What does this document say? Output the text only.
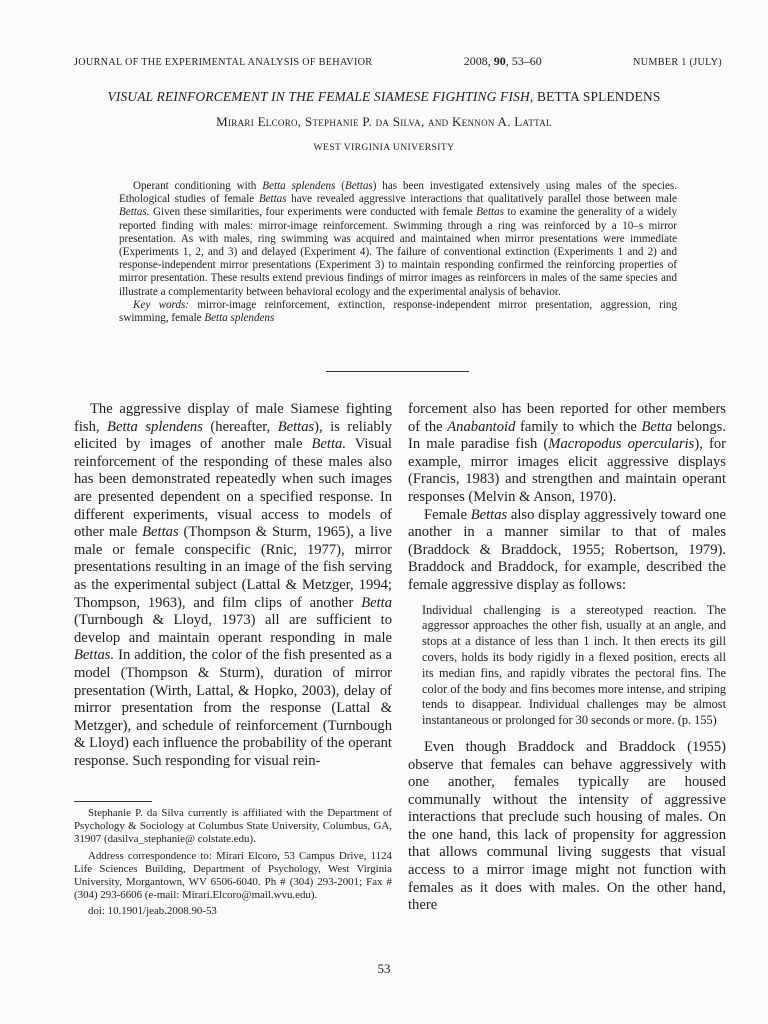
JOURNAL OF THE EXPERIMENTAL ANALYSIS OF BEHAVIOR	2008, 90, 53–60	NUMBER 1 (JULY)
VISUAL REINFORCEMENT IN THE FEMALE SIAMESE FIGHTING FISH, BETTA SPLENDENS
Mirari Elcoro, Stephanie P. da Silva, and Kennon A. Lattal
WEST VIRGINIA UNIVERSITY

Operant conditioning with Betta splendens (Bettas) has been investigated extensively using males of the species. Ethological studies of female Bettas have revealed aggressive interactions that qualitatively parallel those between male Bettas. Given these similarities, four experiments were conducted with female Bettas to examine the generality of a widely reported finding with males: mirror-image reinforcement. Swimming through a ring was reinforced by a 10–s mirror presentation. As with males, ring swimming was acquired and maintained when mirror presentations were immediate (Experiments 1, 2, and 3) and delayed (Experiment 4). The failure of conventional extinction (Experiments 1 and 2) and response-independent mirror presentations (Experiment 3) to maintain responding confirmed the reinforcing properties of mirror presentation. These results extend previous findings of mirror images as reinforcers in males of the same species and illustrate a complementarity between behavioral ecology and the experimental analysis of behavior.

Key words: mirror-image reinforcement, extinction, response-independent mirror presentation, aggression, ring swimming, female Betta splendens

The aggressive display of male Siamese fighting fish, Betta splendens (hereafter, Bettas), is reliably elicited by images of another male Betta. Visual reinforcement of the responding of these males also has been demonstrated repeatedly when such images are presented dependent on a specified response. In different experiments, visual access to models of other male Bettas (Thompson & Sturm, 1965), a live male or female conspecific (Rnic, 1977), mirror presentations resulting in an image of the fish serving as the experimental subject (Lattal & Metzger, 1994; Thompson, 1963), and film clips of another Betta (Turnbough & Lloyd, 1973) all are sufficient to develop and maintain operant responding in male Bettas. In addition, the color of the fish presented as a model (Thompson & Sturm), duration of mirror presentation (Wirth, Lattal, & Hopko, 2003), delay of mirror presentation from the response (Lattal & Metzger), and schedule of reinforcement (Turnbough & Lloyd) each influence the probability of the operant response. Such responding for visual rein-

Stephanie P. da Silva currently is affiliated with the Department of Psychology & Sociology at Columbus State University, Columbus, GA, 31907 (dasilva_stephanie@ colstate.edu).

Address correspondence to: Mirari Elcoro, 53 Campus Drive, 1124 Life Sciences Building, Department of Psychology, West Virginia University, Morgantown, WV 6506-6040. Ph # (304) 293-2001; Fax # (304) 293-6606 (e-mail: Mirari.Elcoro@mail.wvu.edu).

doi: 10.1901/jeab.2008.90-53

forcement also has been reported for other members of the Anabantoid family to which the Betta belongs. In male paradise fish (Macropodus opercularis), for example, mirror images elicit aggressive displays (Francis, 1983) and strengthen and maintain operant responses (Melvin & Anson, 1970).

Female Bettas also display aggressively toward one another in a manner similar to that of males (Braddock & Braddock, 1955; Robertson, 1979). Braddock and Braddock, for example, described the female aggressive display as follows:

Individual challenging is a stereotyped reaction. The aggressor approaches the other fish, usually at an angle, and stops at a distance of less than 1 inch. It then erects its gill covers, holds its body rigidly in a flexed position, erects all its median fins, and rapidly vibrates the pectoral fins. The color of the body and fins becomes more intense, and striping tends to disappear. Individual challenges may be almost instantaneous or prolonged for 30 seconds or more. (p. 155)

Even though Braddock and Braddock (1955) observe that females can behave aggressively with one another, females typically are housed communally without the intensity of aggressive interactions that preclude such housing of males. On the one hand, this lack of propensity for aggression that allows communal living suggests that visual access to a mirror image might not function with females as it does with males. On the other hand, there

53
